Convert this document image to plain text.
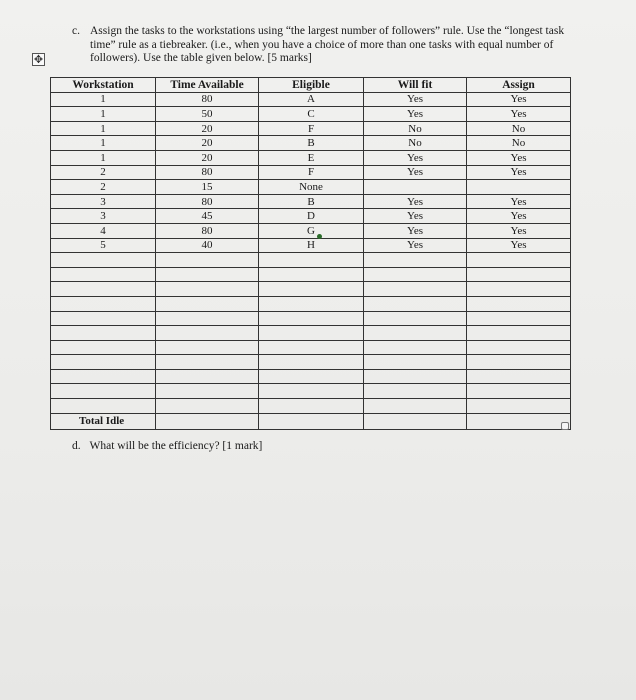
✥
c. Assign the tasks to the workstations using “the largest number of followers” rule. Use the “longest task time” rule as a tiebreaker. (i.e., when you have a choice of more than one tasks with equal number of followers). Use the table given below. [5 marks]
Workstation	Time Available	Eligible	Will fit	Assign
1	80	A	Yes	Yes
1	50	C	Yes	Yes
1	20	F	No	No
1	20	B	No	No
1	20	E	Yes	Yes
2	80	F	Yes	Yes
2	15	None		
3	80	B	Yes	Yes
3	45	D	Yes	Yes
4	80	G	Yes	Yes
5	40	H	Yes	Yes

Total Idle				
d. What will be the efficiency? [1 mark]
